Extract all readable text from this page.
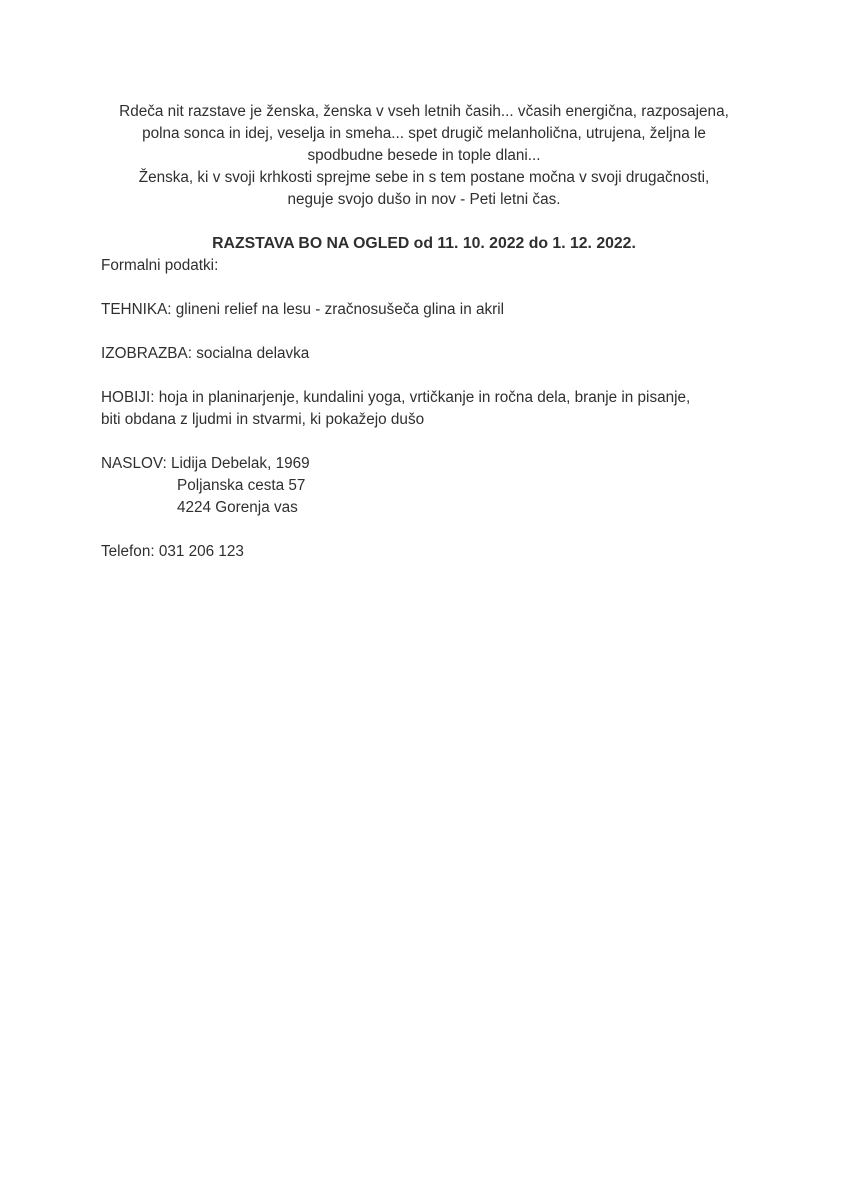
Rdeča nit razstave je ženska, ženska v vseh letnih časih... včasih energična, razposajena,
polna sonca in idej, veselja in smeha... spet drugič melanholična, utrujena, željna le
spodbudne besede in tople dlani...
Ženska, ki v svoji krhkosti sprejme sebe in s tem postane močna v svoji drugačnosti,
neguje svojo dušo in nov - Peti letni čas.
RAZSTAVA BO NA OGLED od 11. 10. 2022 do 1. 12. 2022.
Formalni podatki:
TEHNIKA: glineni relief na lesu - zračnosušeča glina in akril
IZOBRAZBA: socialna delavka
HOBIJI: hoja in planinarjenje, kundalini yoga, vrtičkanje in ročna dela, branje in pisanje,
biti obdana z ljudmi in stvarmi, ki pokažejo dušo
NASLOV: Lidija Debelak, 1969
Poljanska cesta 57
4224 Gorenja vas
Telefon: 031 206 123
